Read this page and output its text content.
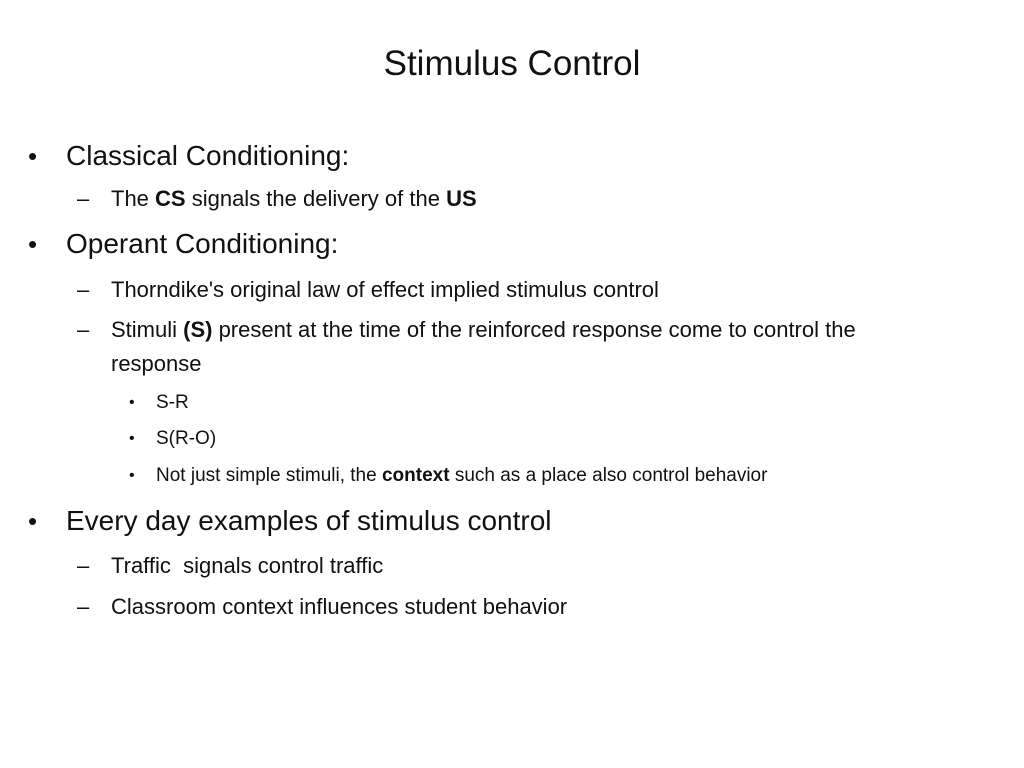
Stimulus Control
• Classical Conditioning:
– The CS signals the delivery of the US
• Operant Conditioning:
– Thorndike's original law of effect implied stimulus control
– Stimuli (S) present at the time of the reinforced response come to control the
response
• S-R
• S(R-O)
• Not just simple stimuli, the context such as a place also control behavior
• Every day examples of stimulus control
– Traffic  signals control traffic
– Classroom context influences student behavior
